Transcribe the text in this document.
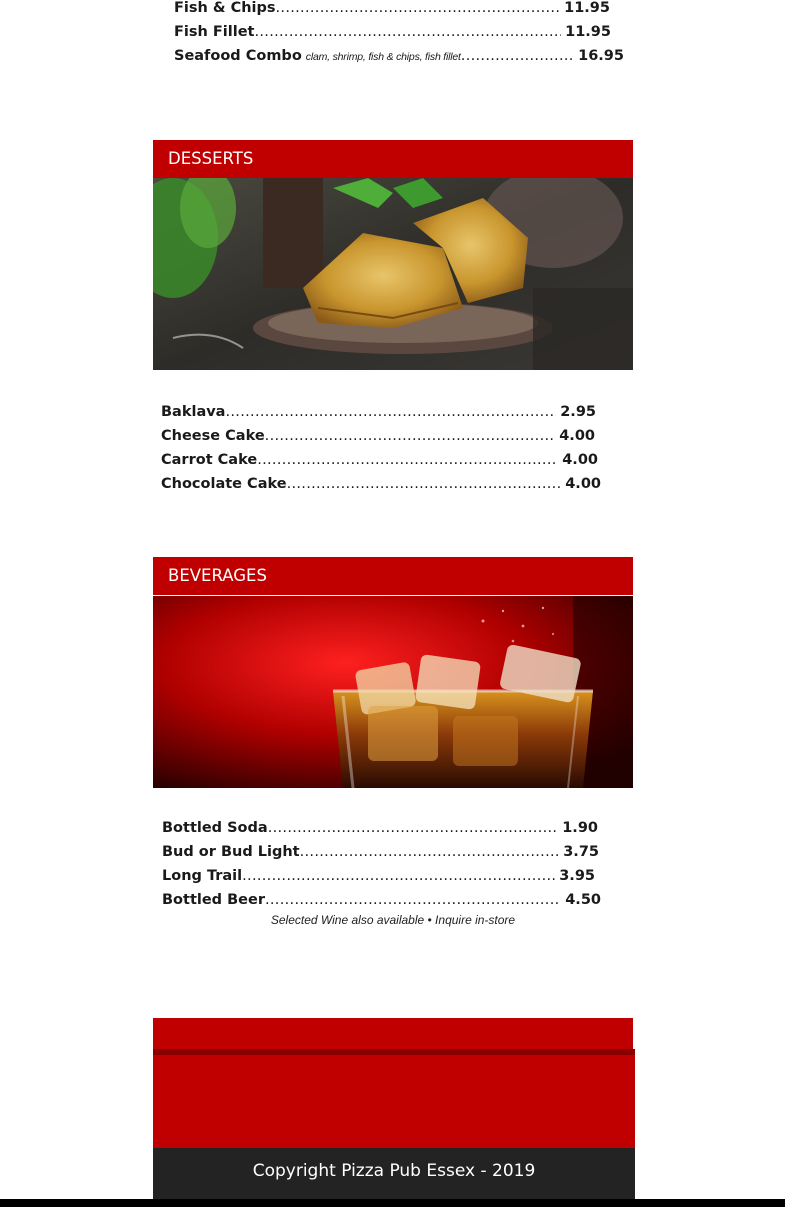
Fish & Chips .....	11.95
Fish Fillet .....	11.95
Seafood Combo clam, shrimp, fish & chips, fish fillet .....	16.95
DESSERTS
Baklava .....	2.95
Cheese Cake .....	4.00
Carrot Cake .....	4.00
Chocolate Cake .....	4.00
BEVERAGES
Bottled Soda .....	1.90
Bud or Bud Light .....	3.75
Long Trail .....	3.95
Bottled Beer .....	4.50
Selected Wine also available • Inquire in-store
Copyright Pizza Pub Essex - 2019
